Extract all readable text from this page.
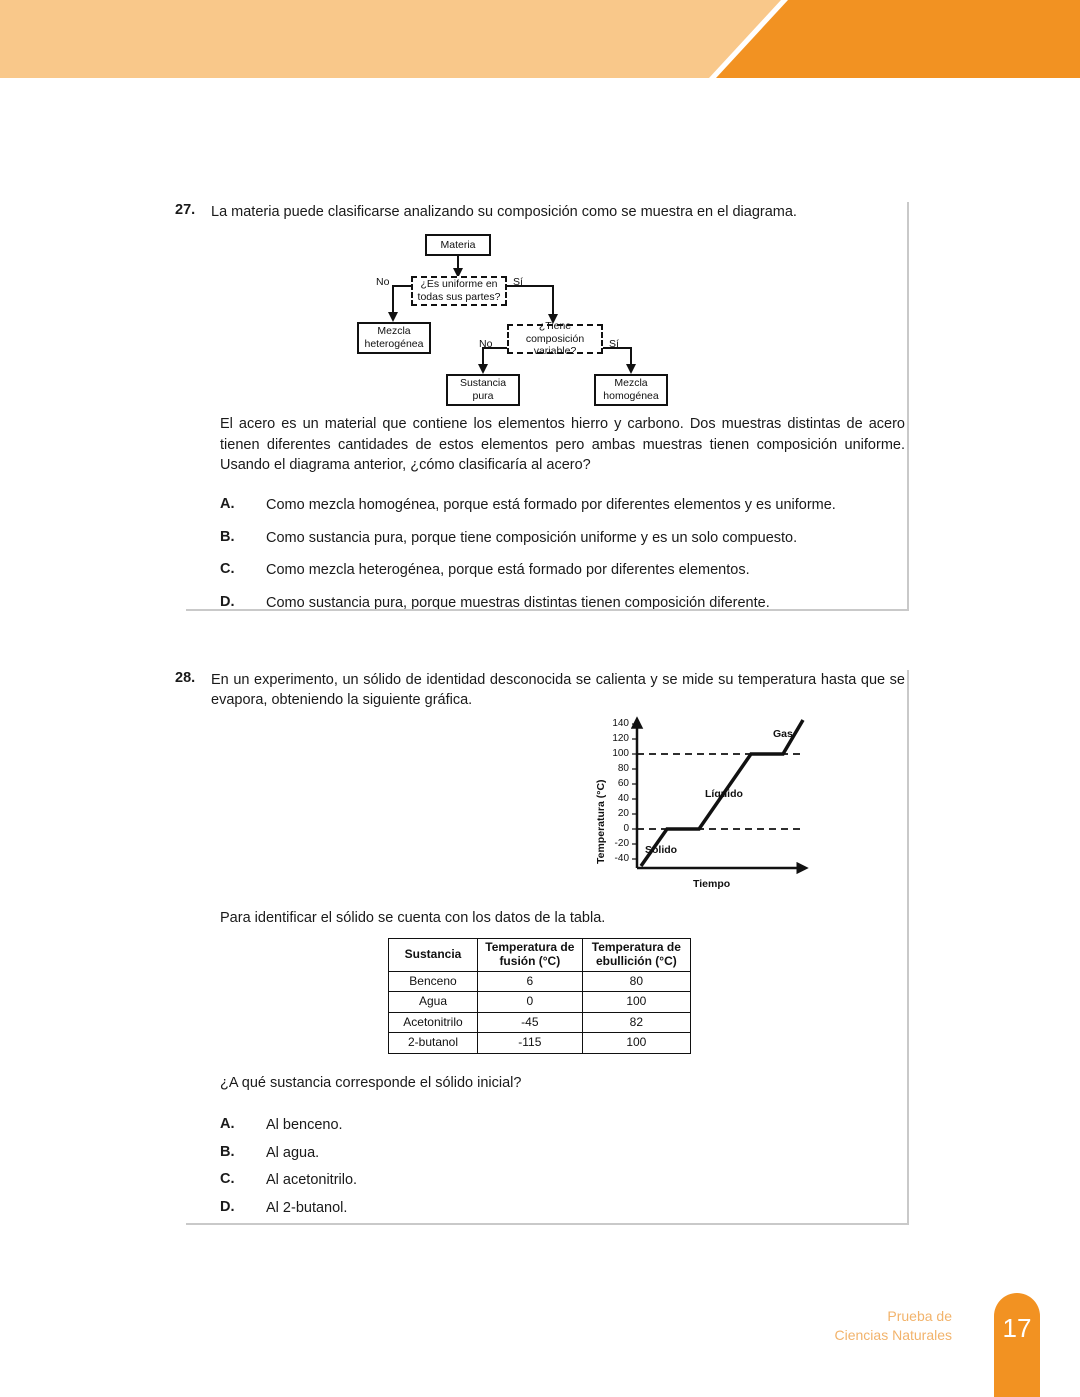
27.	La materia puede clasificarse analizando su composición como se muestra en el diagrama.
Materia
¿Es uniforme en todas sus partes?
No	Sí
Mezcla heterogénea
¿Tiene composición variable?
No	Sí
Sustancia pura
Mezcla homogénea
El acero es un material que contiene los elementos hierro y carbono. Dos muestras distintas de acero tienen diferentes cantidades de estos elementos pero ambas muestras tienen composición uniforme. Usando el diagrama anterior, ¿cómo clasificaría al acero?
A.	Como mezcla homogénea, porque está formado por diferentes elementos y es uniforme.
B.	Como sustancia pura, porque tiene composición uniforme y es un solo compuesto.
C.	Como mezcla heterogénea, porque está formado por diferentes elementos.
D.	Como sustancia pura, porque muestras distintas tienen composición diferente.
28.	En un experimento, un sólido de identidad desconocida se calienta y se mide su temperatura hasta que se evapora, obteniendo la siguiente gráfica.
Temperatura (°C)
140
120
100
80
60
40
20
0
-20
-40
Sólido
Líquido
Gas
Tiempo
Para identificar el sólido se cuenta con los datos de la tabla.
Sustancia	Temperatura de fusión (°C)	Temperatura de ebullición (°C)
Benceno	6	80
Agua	0	100
Acetonitrilo	-45	82
2-butanol	-115	100
¿A qué sustancia corresponde el sólido inicial?
A.	Al benceno.
B.	Al agua.
C.	Al acetonitrilo.
D.	Al 2-butanol.
Prueba de
Ciencias Naturales	17
